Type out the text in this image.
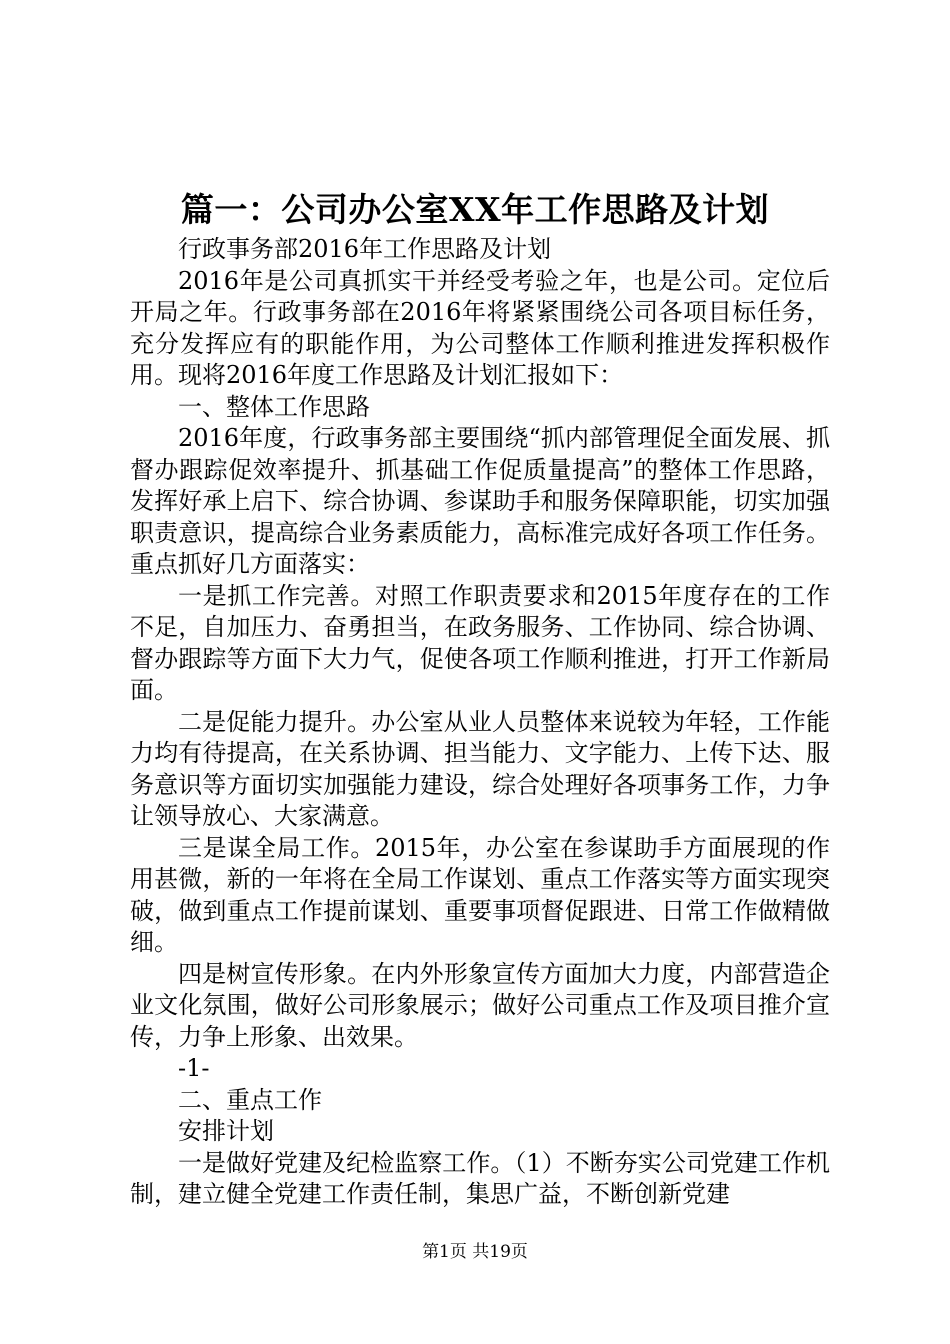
篇一：公司办公室XX年工作思路及计划

行政事务部2016年工作思路及计划

2016年是公司真抓实干并经受考验之年，也是公司。定位后开局之年。行政事务部在2016年将紧紧围绕公司各项目标任务，充分发挥应有的职能作用，为公司整体工作顺利推进发挥积极作用。现将2016年度工作思路及计划汇报如下：

一、整体工作思路

2016年度，行政事务部主要围绕“抓内部管理促全面发展、抓督办跟踪促效率提升、抓基础工作促质量提高”的整体工作思路，发挥好承上启下、综合协调、参谋助手和服务保障职能，切实加强职责意识，提高综合业务素质能力，高标准完成好各项工作任务。重点抓好几方面落实：

一是抓工作完善。对照工作职责要求和2015年度存在的工作不足，自加压力、奋勇担当，在政务服务、工作协同、综合协调、督办跟踪等方面下大力气，促使各项工作顺利推进，打开工作新局面。

二是促能力提升。办公室从业人员整体来说较为年轻，工作能力均有待提高，在关系协调、担当能力、文字能力、上传下达、服务意识等方面切实加强能力建设，综合处理好各项事务工作，力争让领导放心、大家满意。

三是谋全局工作。2015年，办公室在参谋助手方面展现的作用甚微，新的一年将在全局工作谋划、重点工作落实等方面实现突破，做到重点工作提前谋划、重要事项督促跟进、日常工作做精做细。

四是树宣传形象。在内外形象宣传方面加大力度，内部营造企业文化氛围，做好公司形象展示；做好公司重点工作及项目推介宣传，力争上形象、出效果。

-1-

二、重点工作

安排计划

一是做好党建及纪检监察工作。（1）不断夯实公司党建工作机制，建立健全党建工作责任制，集思广益，不断创新党建

第1页 共19页
